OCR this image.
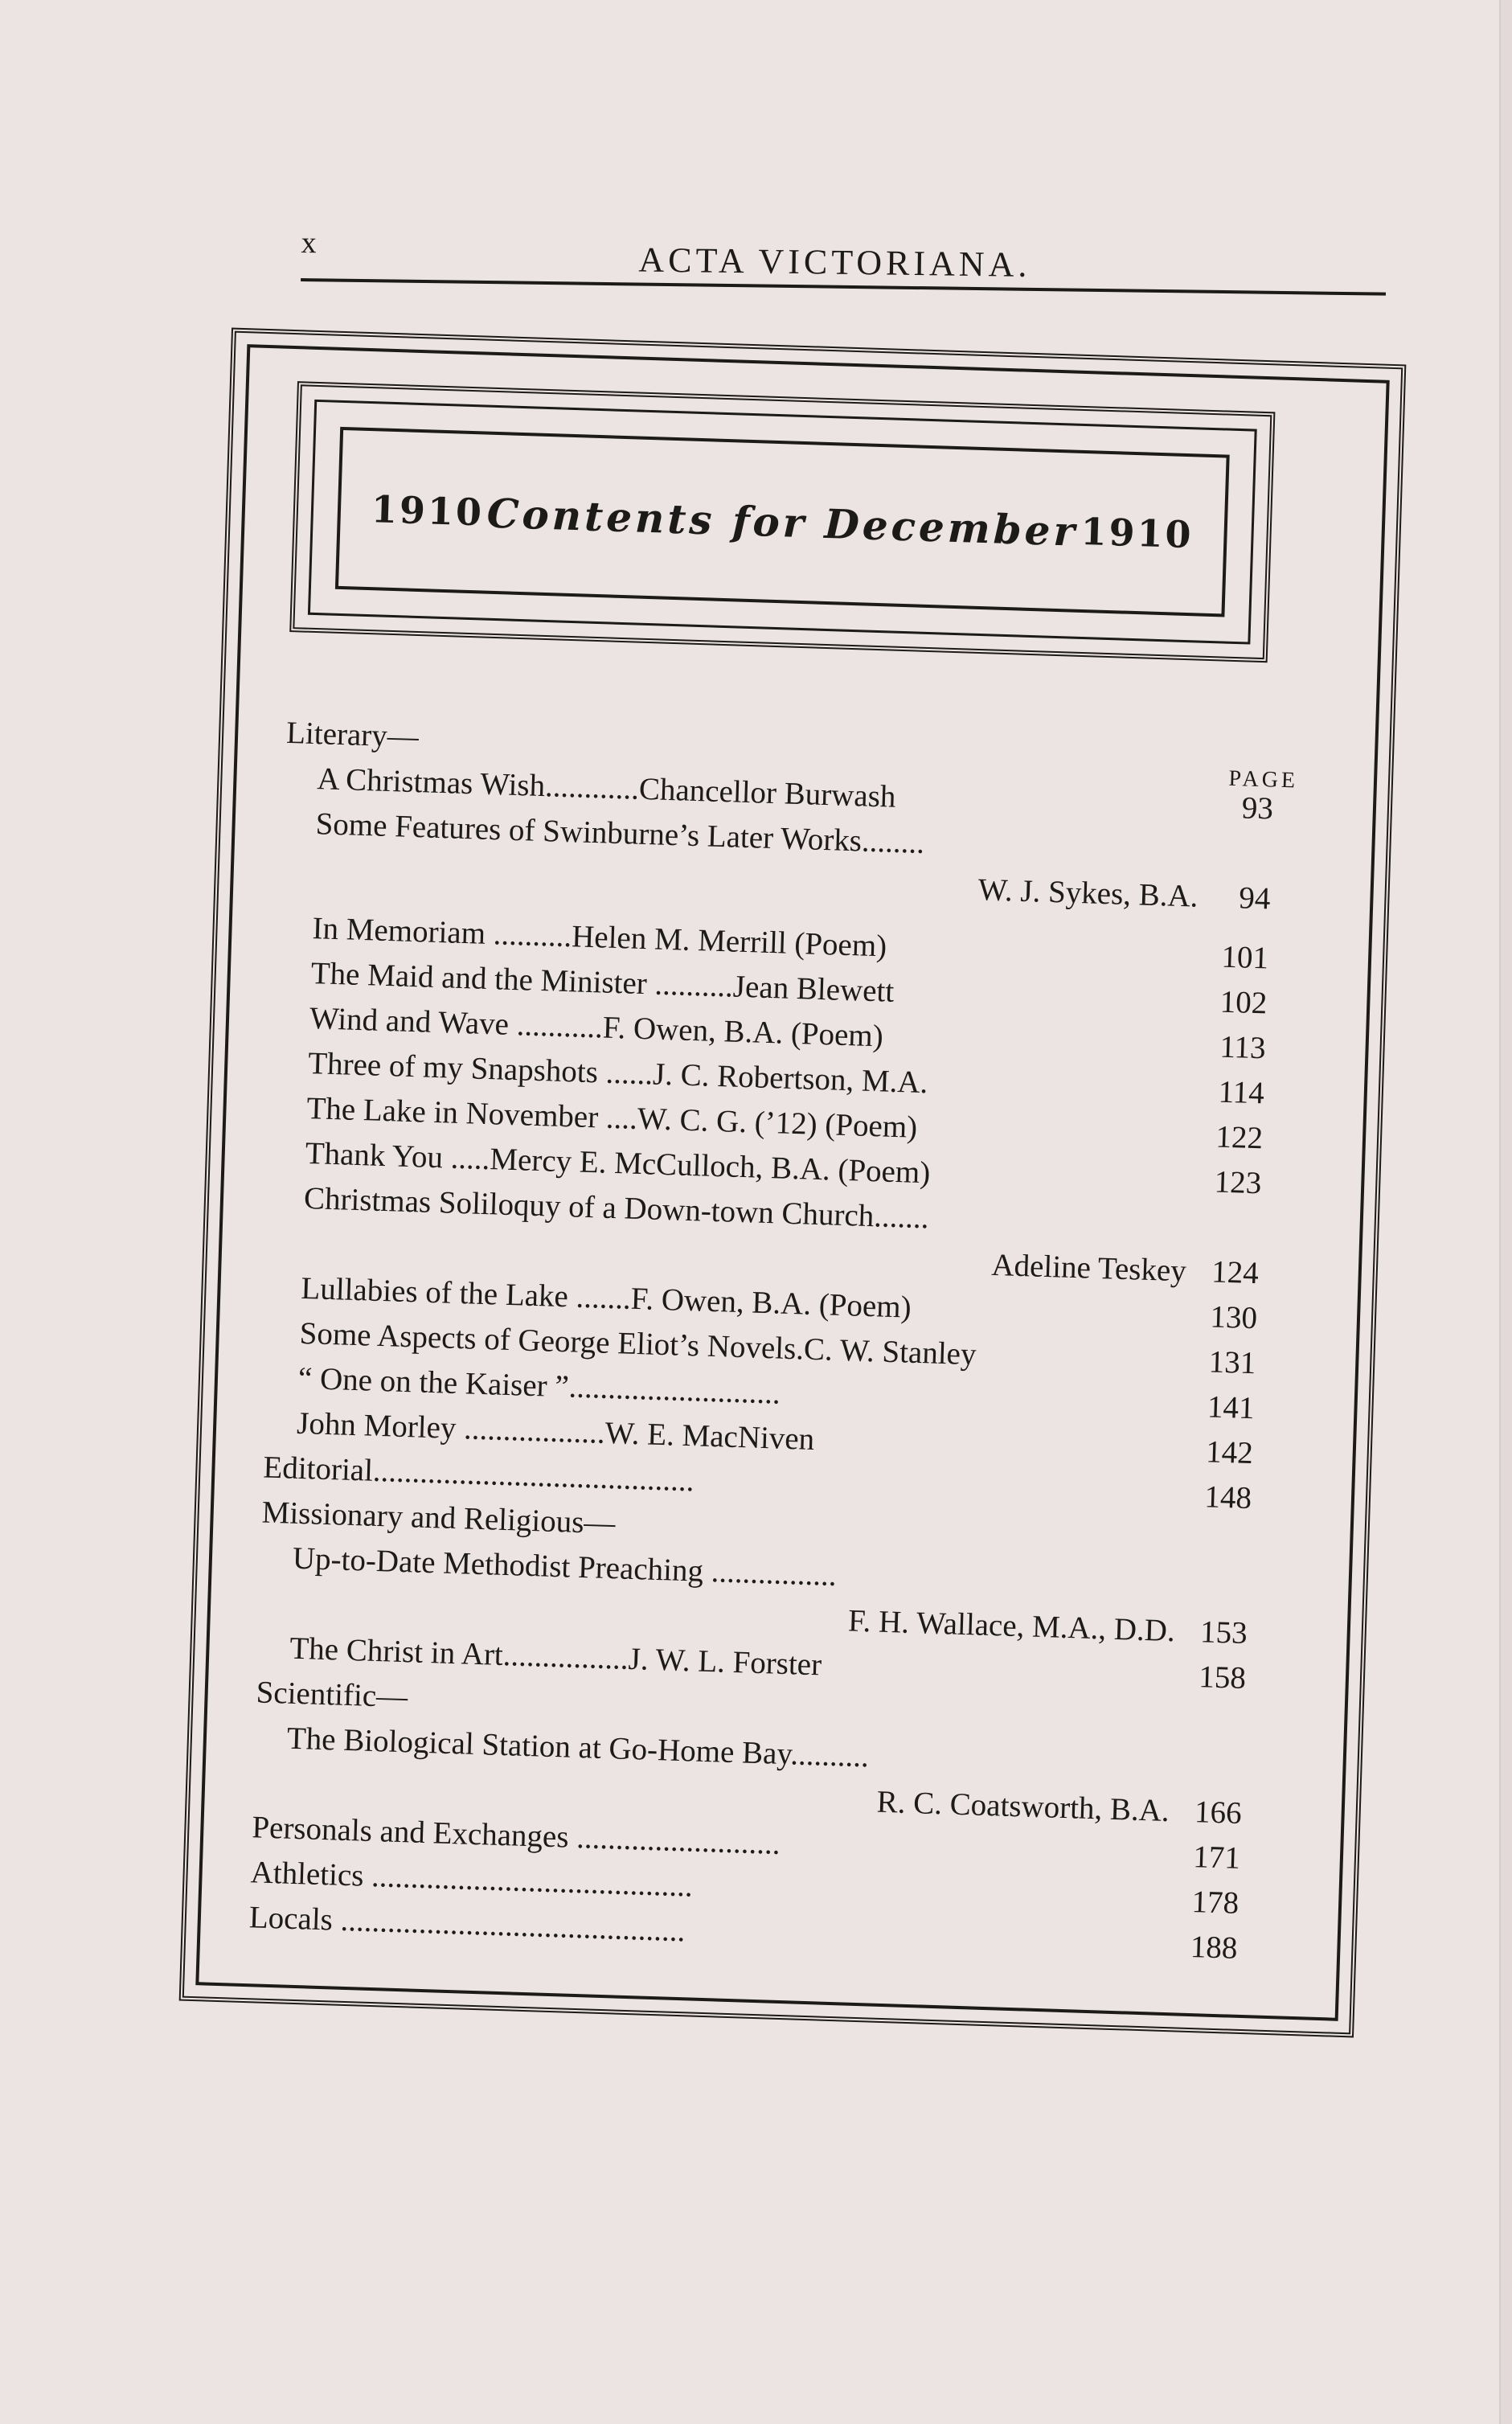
x	ACTA VICTORIANA.
1910 Contents for December 1910
PAGE
Literary—
A Christmas Wish............Chancellor Burwash	93
Some Features of Swinburne’s Later Works........
W. J. Sykes, B.A. 94
In Memoriam ..........Helen M. Merrill (Poem)	101
The Maid and the Minister ..........Jean Blewett	102
Wind and Wave ...........F. Owen, B.A. (Poem)	113
Three of my Snapshots ......J. C. Robertson, M.A.	114
The Lake in November ....W. C. G. (’12) (Poem)	122
Thank You .....Mercy E. McCulloch, B.A. (Poem)	123
Christmas Soliloquy of a Down-town Church.......
Adeline Teskey 124
Lullabies of the Lake .......F. Owen, B.A. (Poem)	130
Some Aspects of George Eliot’s Novels.C. W. Stanley	131
“ One on the Kaiser ”...........................	141
John Morley ..................W. E. MacNiven	142
Editorial.........................................	148
Missionary and Religious—
Up-to-Date Methodist Preaching ................
F. H. Wallace, M.A., D.D. 153
The Christ in Art................J. W. L. Forster	158
Scientific—
The Biological Station at Go-Home Bay..........
R. C. Coatsworth, B.A. 166
Personals and Exchanges ..........................	171
Athletics .........................................	178
Locals ............................................	188
